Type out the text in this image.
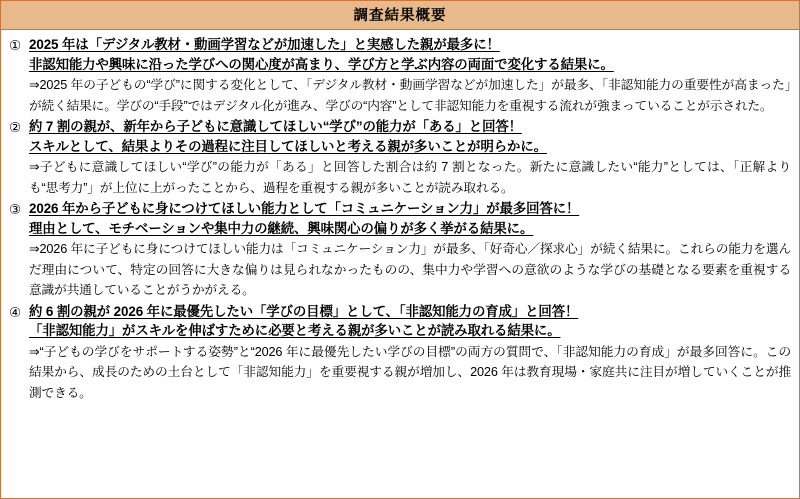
調査結果概要
① 2025 年は「デジタル教材・動画学習などが加速した」と実感した親が最多に！
非認知能力や興味に沿った学びへの関心度が高まり、学び方と学ぶ内容の両面で変化する結果に。
⇒2025 年の子どもの“学び”に関する変化として、「デジタル教材・動画学習などが加速した」が最多、「非認知能力の重要性が高まった」が続く結果に。学びの“手段”ではデジタル化が進み、学びの“内容”として非認知能力を重視する流れが強まっていることが示された。
② 約 7 割の親が、新年から子どもに意識してほしい“学び”の能力が「ある」と回答！
スキルとして、結果よりその過程に注目してほしいと考える親が多いことが明らかに。
⇒子どもに意識してほしい“学び”の能力が「ある」と回答した割合は約 7 割となった。新たに意識したい“能力”としては、「正解よりも“思考力”」が上位に上がったことから、過程を重視する親が多いことが読み取れる。
③ 2026 年から子どもに身につけてほしい能力として「コミュニケーション力」が最多回答に！
理由として、モチベーションや集中力の継続、興味関心の偏りが多く挙がる結果に。
⇒2026 年に子どもに身につけてほしい能力は「コミュニケーション力」が最多、「好奇心／探求心」が続く結果に。これらの能力を選んだ理由について、特定の回答に大きな偏りは見られなかったものの、集中力や学習への意欲のような学びの基礎となる要素を重視する意識が共通していることがうかがえる。
④ 約 6 割の親が 2026 年に最優先したい「学びの目標」として、「非認知能力の育成」と回答！
「非認知能力」がスキルを伸ばすために必要と考える親が多いことが読み取れる結果に。
⇒“子どもの学びをサポートする姿勢”と“2026 年に最優先したい学びの目標”の両方の質問で、「非認知能力の育成」が最多回答に。この結果から、成長のための土台として「非認知能力」を重要視する親が増加し、2026 年は教育現場・家庭共に注目が増していくことが推測できる。
